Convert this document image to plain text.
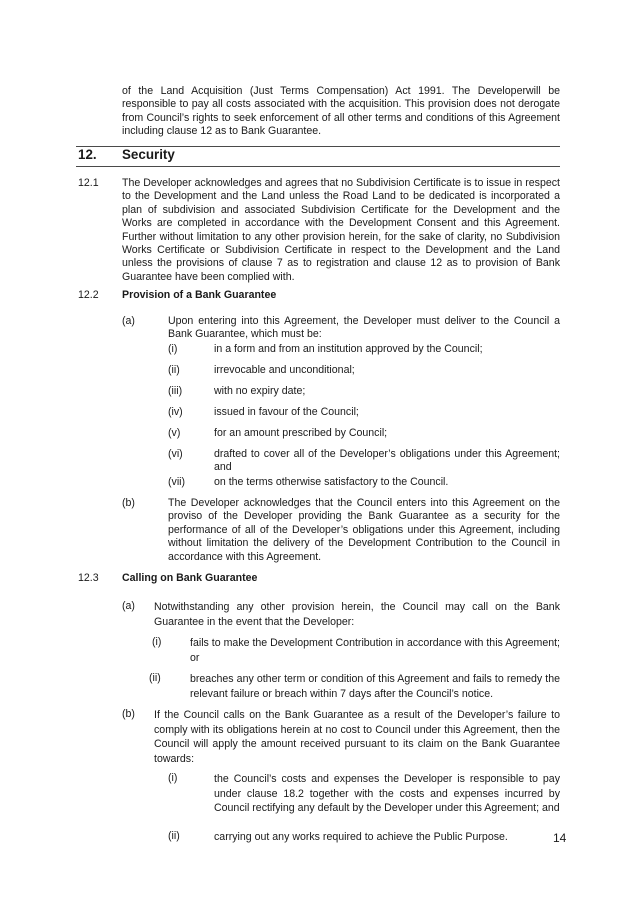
of the Land Acquisition (Just Terms Compensation) Act 1991. The Developerwill be responsible to pay all costs associated with the acquisition. This provision does not derogate from Council’s rights to seek enforcement of all other terms and conditions of this Agreement including clause 12 as to Bank Guarantee.
12. Security
12.1 The Developer acknowledges and agrees that no Subdivision Certificate is to issue in respect to the Development and the Land unless the Road Land to be dedicated is incorporated a plan of subdivision and associated Subdivision Certificate for the Development and the Works are completed in accordance with the Development Consent and this Agreement. Further without limitation to any other provision herein, for the sake of clarity, no Subdivision Works Certificate or Subdivision Certificate in respect to the Development and the Land unless the provisions of clause 7 as to registration and clause 12 as to provision of Bank Guarantee have been complied with.
12.2 Provision of a Bank Guarantee
(a)	Upon entering into this Agreement, the Developer must deliver to the Council a Bank Guarantee, which must be:
(i)	in a form and from an institution approved by the Council;
(ii)	irrevocable and unconditional;
(iii)	with no expiry date;
(iv)	issued in favour of the Council;
(v)	for an amount prescribed by Council;
(vi)	drafted to cover all of the Developer’s obligations under this Agreement; and
(vii)	on the terms otherwise satisfactory to the Council.
(b)	The Developer acknowledges that the Council enters into this Agreement on the proviso of the Developer providing the Bank Guarantee as a security for the performance of all of the Developer’s obligations under this Agreement, including without limitation the delivery of the Development Contribution to the Council in accordance with this Agreement.
12.3 Calling on Bank Guarantee
(a) Notwithstanding any other provision herein, the Council may call on the Bank Guarantee in the event that the Developer:
(i)	fails to make the Development Contribution in accordance with this Agreement; or
(ii)	breaches any other term or condition of this Agreement and fails to remedy the relevant failure or breach within 7 days after the Council’s notice.
(b) If the Council calls on the Bank Guarantee as a result of the Developer’s failure to comply with its obligations herein at no cost to Council under this Agreement, then the Council will apply the amount received pursuant to its claim on the Bank Guarantee towards:
(i)	the Council’s costs and expenses the Developer is responsible to pay under clause 18.2 together with the costs and expenses incurred by Council rectifying any default by the Developer under this Agreement; and
(ii)	carrying out any works required to achieve the Public Purpose.	14
